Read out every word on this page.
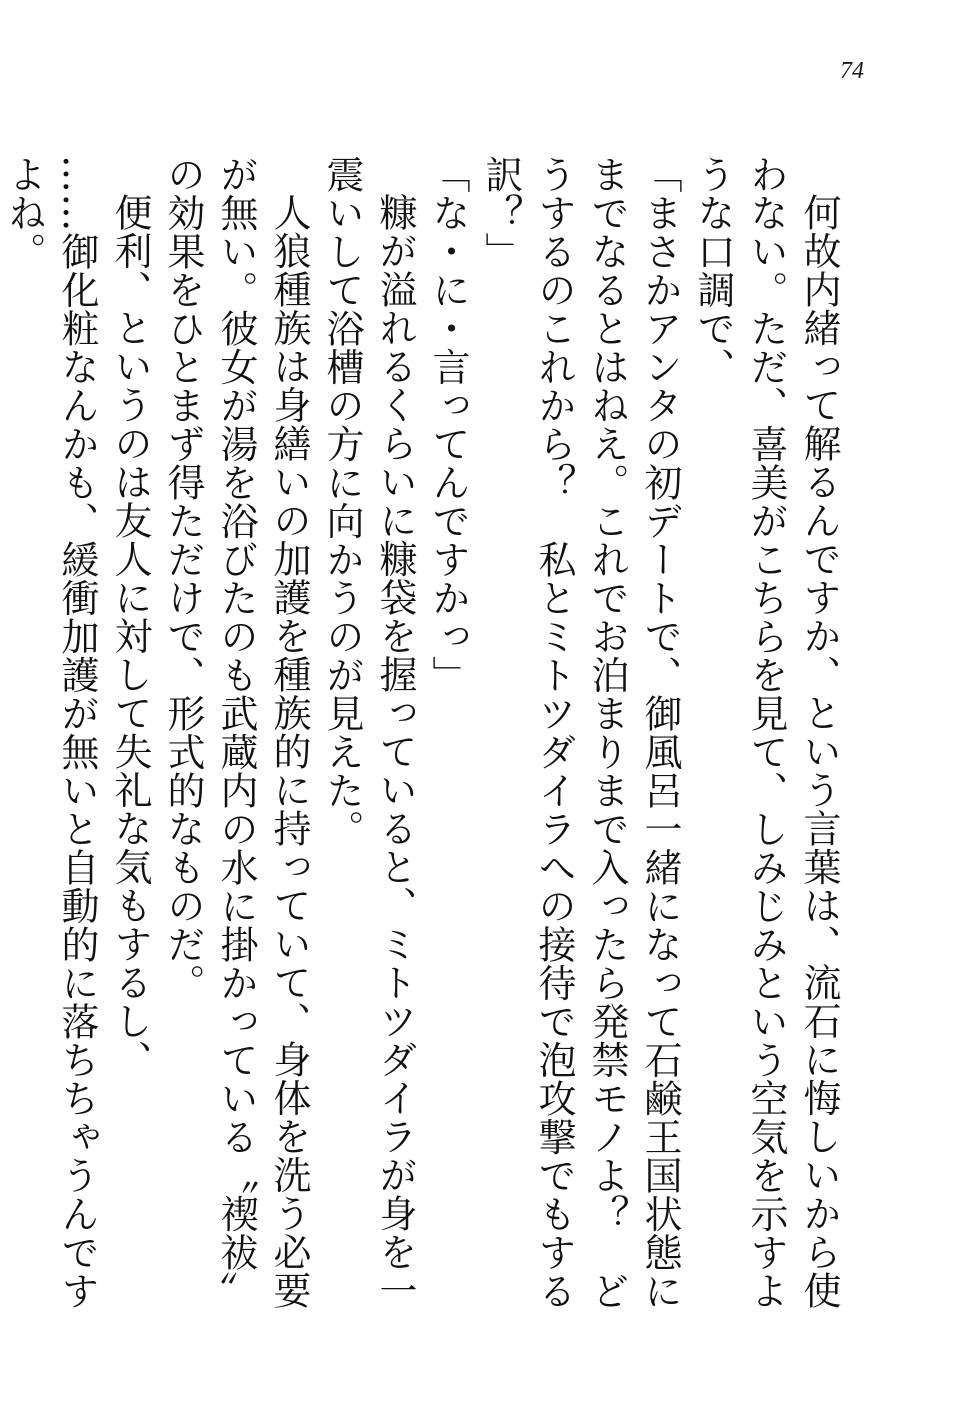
74

何故内緒って解るんですか、という言葉は、流石に悔しいから使わない。ただ、喜美がこちらを見て、しみじみという空気を示すような口調で、

「まさかアンタの初デートで、御風呂一緒になって石鹸王国状態にまでなるとはねえ。これでお泊まりまで入ったら発禁モノよ？　どうするのこれから？　私とミトツダイラへの接待で泡攻撃でもする訳？」

「な・に・言ってんですかっ」

糠が溢れるくらいに糠袋を握っていると、ミトツダイラが身を一震いして浴槽の方に向かうのが見えた。

人狼種族は身繕いの加護を種族的に持っていて、身体を洗う必要が無い。彼女が湯を浴びたのも武蔵内の水に掛かっている〝禊祓〟の効果をひとまず得ただけで、形式的なものだ。

便利、というのは友人に対して失礼な気もするし、

……御化粧なんかも、緩衝加護が無いと自動的に落ちちゃうんですよね。
